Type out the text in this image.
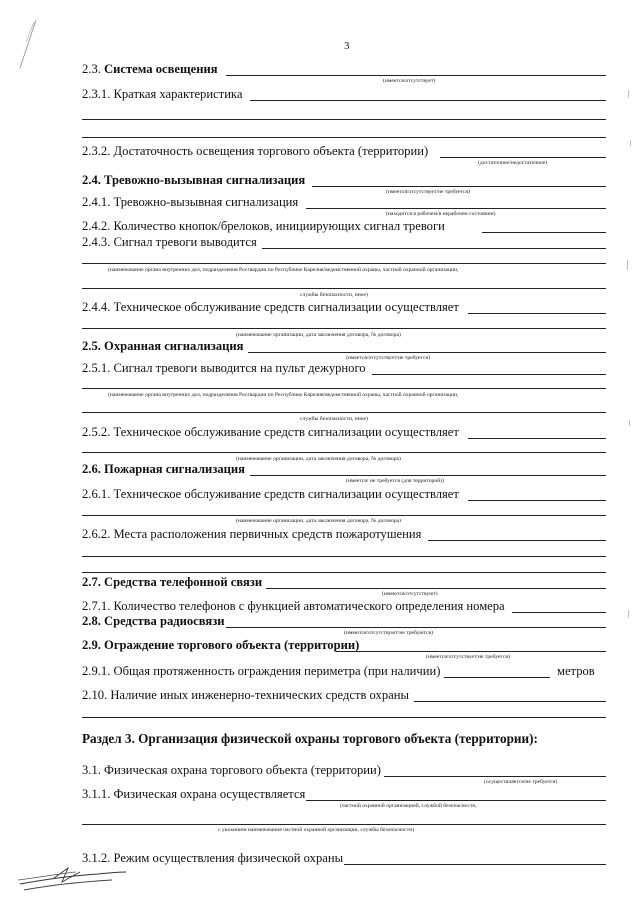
3
2.3. Система освещения
(имеется/отсутствует)
2.3.1. Краткая характеристика
2.3.2. Достаточность освещения торгового объекта (территории)
(достаточное/недостаточное)
2.4. Тревожно-вызывная сигнализация
(имеется/отсутствует/не требуется)
2.4.1. Тревожно-вызывная сигнализация
(находится в рабочем/в нерабочем состоянии)
2.4.2. Количество кнопок/брелоков, инициирующих сигнал тревоги
2.4.3. Сигнал тревоги выводится
(наименование органа внутренних дел, подразделения Росгвардии по Республике Карелия/ведомственной охраны, частной охранной организации,
службы безопасности, иное)
2.4.4. Техническое обслуживание средств сигнализации осуществляет
(наименование организации, дата заключения договора, № договора)
2.5. Охранная сигнализация
(имеется/отсутствует/не требуется)
2.5.1. Сигнал тревоги выводится на пульт дежурного
(наименование органа внутренних дел, подразделения Росгвардии по Республике Карелия/ведомственной охраны, частной охранной организации,
службы безопасности, иное)
2.5.2. Техническое обслуживание средств сигнализации осуществляет
(наименование организации, дата заключения договора, № договора)
2.6. Пожарная сигнализация
(имеется/ не требуется (для территорий))
2.6.1. Техническое обслуживание средств сигнализации осуществляет
(наименование организации, дата заключения договора, № договора)
2.6.2. Места расположения первичных средств пожаротушения
2.7. Средства телефонной связи
(имеются/отсутствуют)
2.7.1. Количество телефонов с функцией автоматического определения номера
2.8. Средства радиосвязи
(имеются/отсутствуют/не требуются)
2.9. Ограждение торгового объекта (территории)
(имеется/отсутствует/не требуется)
2.9.1. Общая протяженность ограждения периметра (при наличии)	метров
2.10. Наличие иных инженерно-технических средств охраны
Раздел 3. Организация физической охраны торгового объекта (территории):
3.1. Физическая охрана торгового объекта (территории)
(осуществляется/не требуется)
3.1.1. Физическая охрана осуществляется
(частной охранной организацией, службой безопасности,
с указанием наименования частной охранной организации, службы безопасности)
3.1.2. Режим осуществления физической охраны
